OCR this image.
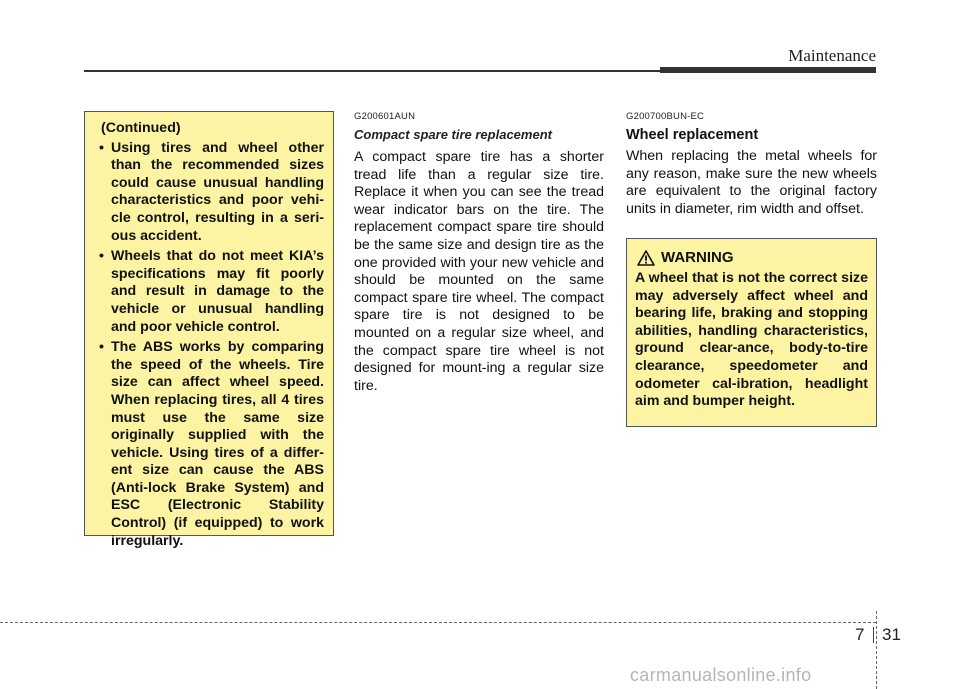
Maintenance
(Continued)
• Using tires and wheel other than the recommended sizes could cause unusual handling characteristics and poor vehi-cle control, resulting in a seri-ous accident.
• Wheels that do not meet KIA’s specifications may fit poorly and result in damage to the vehicle or unusual handling and poor vehicle control.
• The ABS works by comparing the speed of the wheels. Tire size can affect wheel speed. When replacing tires, all 4 tires must use the same size originally supplied with the vehicle. Using tires of a differ-ent size can cause the ABS (Anti-lock Brake System) and ESC (Electronic Stability Control) (if equipped) to work irregularly.
G200601AUN
Compact spare tire replacement
A compact spare tire has a shorter tread life than a regular size tire. Replace it when you can see the tread wear indicator bars on the tire. The replacement compact spare tire should be the same size and design tire as the one provided with your new vehicle and should be mounted on the same compact spare tire wheel. The compact spare tire is not designed to be mounted on a regular size wheel, and the compact spare tire wheel is not designed for mount-ing a regular size tire.
G200700BUN-EC
Wheel replacement
When replacing the metal wheels for any reason, make sure the new wheels are equivalent to the original factory units in diameter, rim width and offset.
WARNING
A wheel that is not the correct size may adversely affect wheel and bearing life, braking and stopping abilities, handling characteristics, ground clear-ance, body-to-tire clearance, speedometer and odometer cal-ibration, headlight aim and bumper height.
7 31
carmanualsonline.info
